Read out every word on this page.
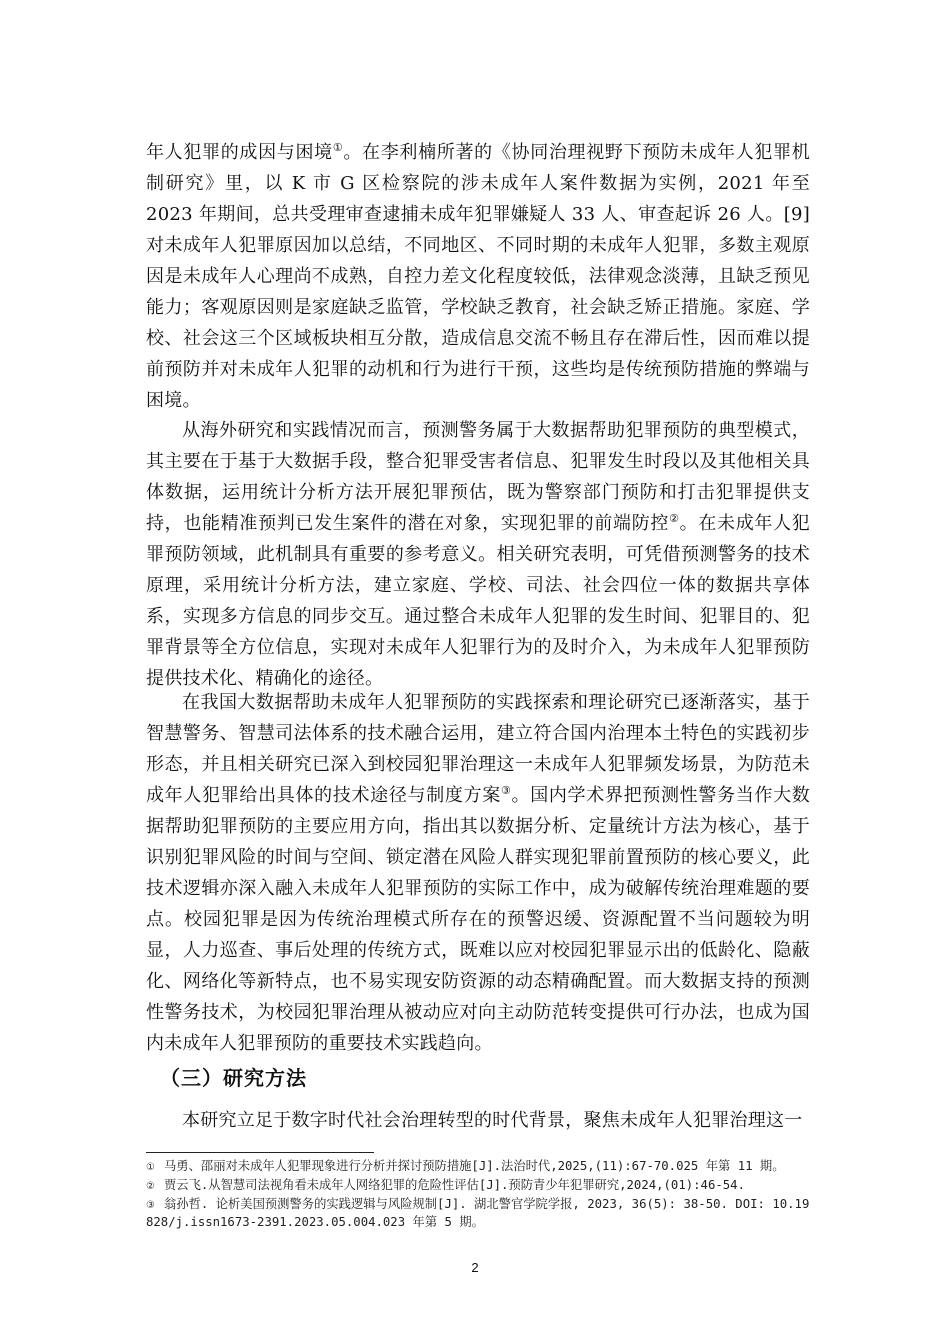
年人犯罪的成因与困境①。在李利楠所著的《协同治理视野下预防未成年人犯罪机制研究》里，以 K 市 G 区检察院的涉未成年人案件数据为实例，2021 年至 2023 年期间，总共受理审查逮捕未成年犯罪嫌疑人 33 人、审查起诉 26 人。[9]对未成年人犯罪原因加以总结，不同地区、不同时期的未成年人犯罪，多数主观原因是未成年人心理尚不成熟，自控力差文化程度较低，法律观念淡薄，且缺乏预见能力；客观原因则是家庭缺乏监管，学校缺乏教育，社会缺乏矫正措施。家庭、学校、社会这三个区域板块相互分散，造成信息交流不畅且存在滞后性，因而难以提前预防并对未成年人犯罪的动机和行为进行干预，这些均是传统预防措施的弊端与困境。

从海外研究和实践情况而言，预测警务属于大数据帮助犯罪预防的典型模式，其主要在于基于大数据手段，整合犯罪受害者信息、犯罪发生时段以及其他相关具体数据，运用统计分析方法开展犯罪预估，既为警察部门预防和打击犯罪提供支持，也能精准预判已发生案件的潜在对象，实现犯罪的前端防控②。在未成年人犯罪预防领域，此机制具有重要的参考意义。相关研究表明，可凭借预测警务的技术原理，采用统计分析方法，建立家庭、学校、司法、社会四位一体的数据共享体系，实现多方信息的同步交互。通过整合未成年人犯罪的发生时间、犯罪目的、犯罪背景等全方位信息，实现对未成年人犯罪行为的及时介入，为未成年人犯罪预防提供技术化、精确化的途径。

在我国大数据帮助未成年人犯罪预防的实践探索和理论研究已逐渐落实，基于智慧警务、智慧司法体系的技术融合运用，建立符合国内治理本土特色的实践初步形态，并且相关研究已深入到校园犯罪治理这一未成年人犯罪频发场景，为防范未成年人犯罪给出具体的技术途径与制度方案③。国内学术界把预测性警务当作大数据帮助犯罪预防的主要应用方向，指出其以数据分析、定量统计方法为核心，基于识别犯罪风险的时间与空间、锁定潜在风险人群实现犯罪前置预防的核心要义，此技术逻辑亦深入融入未成年人犯罪预防的实际工作中，成为破解传统治理难题的要点。校园犯罪是因为传统治理模式所存在的预警迟缓、资源配置不当问题较为明显，人力巡查、事后处理的传统方式，既难以应对校园犯罪显示出的低龄化、隐蔽化、网络化等新特点，也不易实现安防资源的动态精确配置。而大数据支持的预测性警务技术，为校园犯罪治理从被动应对向主动防范转变提供可行办法，也成为国内未成年人犯罪预防的重要技术实践趋向。

（三）研究方法

本研究立足于数字时代社会治理转型的时代背景，聚焦未成年人犯罪治理这一

① 马勇、邵丽对未成年人犯罪现象进行分析并探讨预防措施[J].法治时代,2025,(11):67-70.025 年第 11 期。

② 贾云飞.从智慧司法视角看未成年人网络犯罪的危险性评估[J].预防青少年犯罪研究,2024,(01):46-54.

③ 翁孙哲. 论析美国预测警务的实践逻辑与风险规制[J]. 湖北警官学院学报, 2023, 36(5): 38-50. DOI: 10.19828/j.issn1673-2391.2023.05.004.023 年第 5 期。

2
